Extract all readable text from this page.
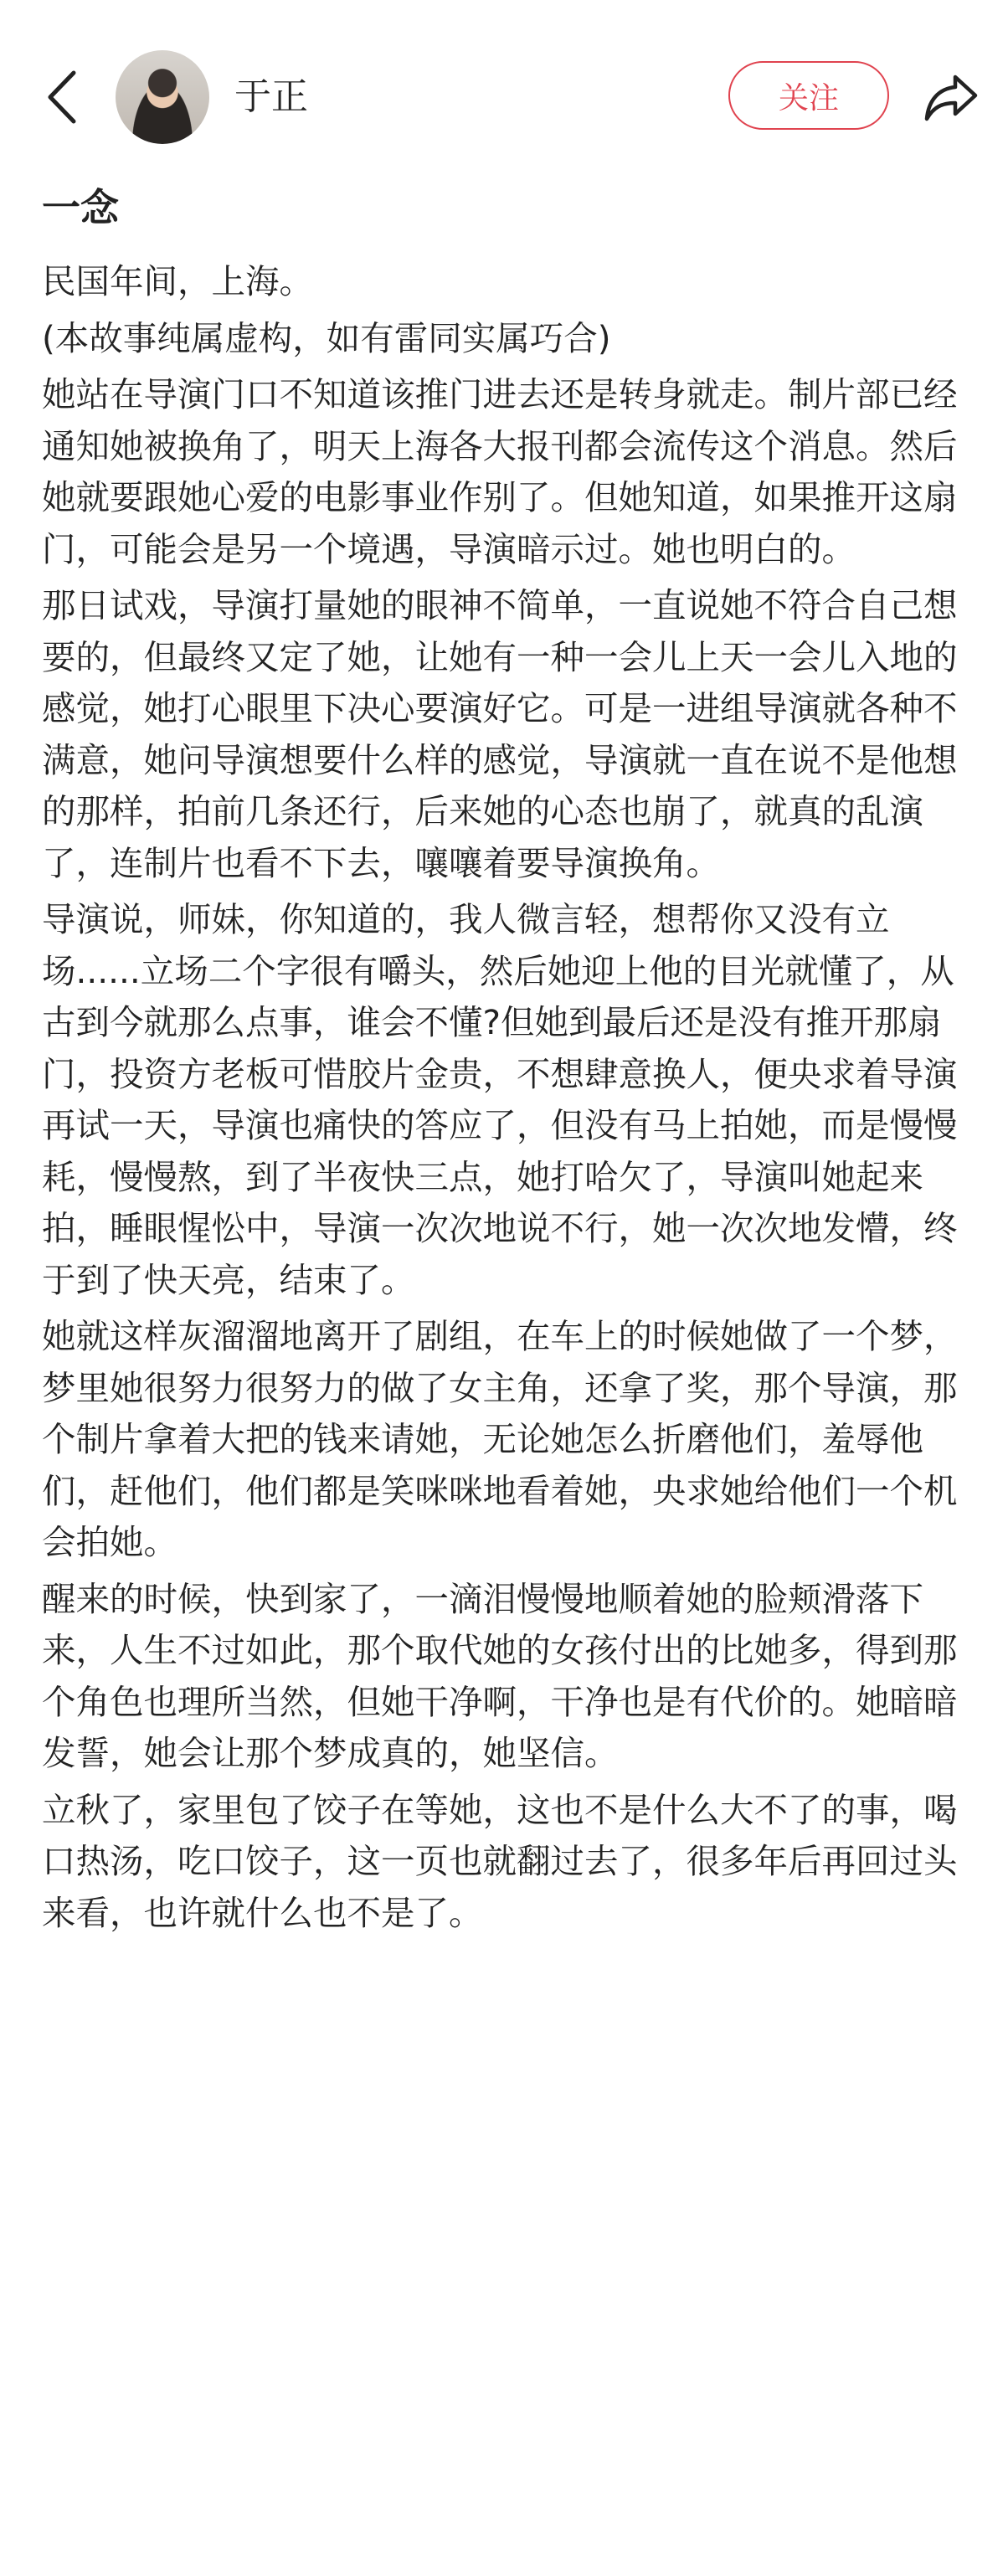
于正	关注
一念

民国年间，上海。

(本故事纯属虚构，如有雷同实属巧合)

她站在导演门口不知道该推门进去还是转身就走。制片部已经通知她被换角了，明天上海各大报刊都会流传这个消息。然后她就要跟她心爱的电影事业作别了。但她知道，如果推开这扇门，可能会是另一个境遇，导演暗示过。她也明白的。

那日试戏，导演打量她的眼神不简单，一直说她不符合自己想要的，但最终又定了她，让她有一种一会儿上天一会儿入地的感觉，她打心眼里下决心要演好它。可是一进组导演就各种不满意，她问导演想要什么样的感觉，导演就一直在说不是他想的那样，拍前几条还行，后来她的心态也崩了，就真的乱演了，连制片也看不下去，嚷嚷着要导演换角。

导演说，师妹，你知道的，我人微言轻，想帮你又没有立场......立场二个字很有嚼头，然后她迎上他的目光就懂了，从古到今就那么点事，谁会不懂?但她到最后还是没有推开那扇门，投资方老板可惜胶片金贵，不想肆意换人，便央求着导演再试一天，导演也痛快的答应了，但没有马上拍她，而是慢慢耗，慢慢熬，到了半夜快三点，她打哈欠了，导演叫她起来拍，睡眼惺忪中，导演一次次地说不行，她一次次地发懵，终于到了快天亮，结束了。

她就这样灰溜溜地离开了剧组，在车上的时候她做了一个梦，梦里她很努力很努力的做了女主角，还拿了奖，那个导演，那个制片拿着大把的钱来请她，无论她怎么折磨他们，羞辱他们，赶他们，他们都是笑咪咪地看着她，央求她给他们一个机会拍她。

醒来的时候，快到家了，一滴泪慢慢地顺着她的脸颊滑落下来，人生不过如此，那个取代她的女孩付出的比她多，得到那个角色也理所当然，但她干净啊，干净也是有代价的。她暗暗发誓，她会让那个梦成真的，她坚信。

立秋了，家里包了饺子在等她，这也不是什么大不了的事，喝口热汤，吃口饺子，这一页也就翻过去了，很多年后再回过头来看，也许就什么也不是了。
